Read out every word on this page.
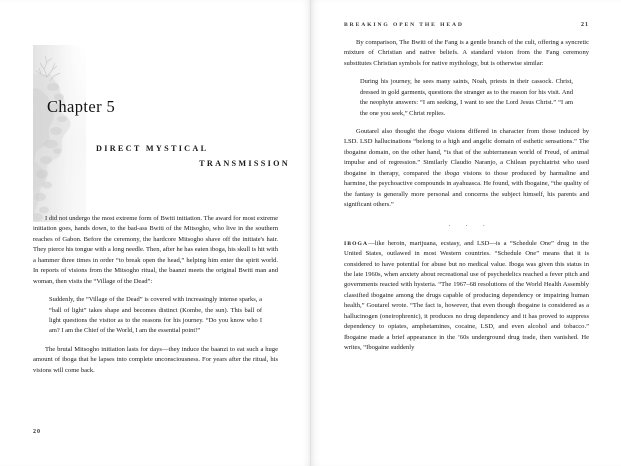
Chapter 5
DIRECT MYSTICAL
TRANSMISSION

I did not undergo the most extreme form of Bwiti initiation. The award for most extreme initiation goes, hands down, to the bad-ass Bwiti of the Mitsogho, who live in the southern reaches of Gabon. Before the ceremony, the hardcore Mitsogho shave off the initiate's hair. They pierce his tongue with a long needle. Then, after he has eaten iboga, his skull is hit with a hammer three times in order “to break open the head,” helping him enter the spirit world. In reports of visions from the Mitsogho ritual, the baanzi meets the original Bwiti man and woman, then visits the “Village of the Dead”:

Suddenly, the “Village of the Dead” is covered with increasingly intense sparks, a “ball of light” takes shape and becomes distinct (Kombe, the sun). This ball of light questions the visitor as to the reasons for his journey. “Do you know who I am? I am the Chief of the World, I am the essential point!”

The brutal Mitsogho initiation lasts for days—they induce the baanzi to eat such a huge amount of iboga that he lapses into complete unconsciousness. For years after the ritual, his visions will come back.

20
BREAKING OPEN THE HEAD	21

By comparison, The Bwiti of the Fang is a gentle branch of the cult, offering a syncretic mixture of Christian and native beliefs. A standard vision from the Fang ceremony substitutes Christian symbols for native mythology, but is otherwise similar:

During his journey, he sees many saints, Noah, priests in their cassock. Christ, dressed in gold garments, questions the stranger as to the reason for his visit. And the neophyte answers: “I am seeking, I want to see the Lord Jesus Christ.” “I am the one you seek,” Christ replies.

Goutarel also thought the iboga visions differed in character from those induced by LSD. LSD hallucinations “belong to a high and angelic domain of esthetic sensations.” The ibogaine domain, on the other hand, “is that of the subterranean world of Freud, of animal impulse and of regression.” Similarly Claudio Naranjo, a Chilean psychiatrist who used ibogaine in therapy, compared the iboga visions to those produced by harmaline and harmine, the psychoactive compounds in ayahuasca. He found, with Ibogaine, “the quality of the fantasy is generally more personal and concerns the subject himself, his parents and significant others.”

. . .

IBOGA—like heroin, marijuana, ecstasy, and LSD—is a “Schedule One” drug in the United States, outlawed in most Western countries. “Schedule One” means that it is considered to have potential for abuse but no medical value. Iboga was given this status in the late 1960s, when anxiety about recreational use of psychedelics reached a fever pitch and governments reacted with hysteria. “The 1967–68 resolutions of the World Health Assembly classified ibogaine among the drugs capable of producing dependency or impairing human health,” Goutarel wrote. “The fact is, however, that even though ibogaine is considered as a hallucinogen (oneirophrenic), it produces no drug dependency and it has proved to suppress dependency to opiates, amphetamines, cocaine, LSD, and even alcohol and tobacco.” Ibogaine made a brief appearance in the ’60s underground drug trade, then vanished. He writes, “Ibogaine suddenly
